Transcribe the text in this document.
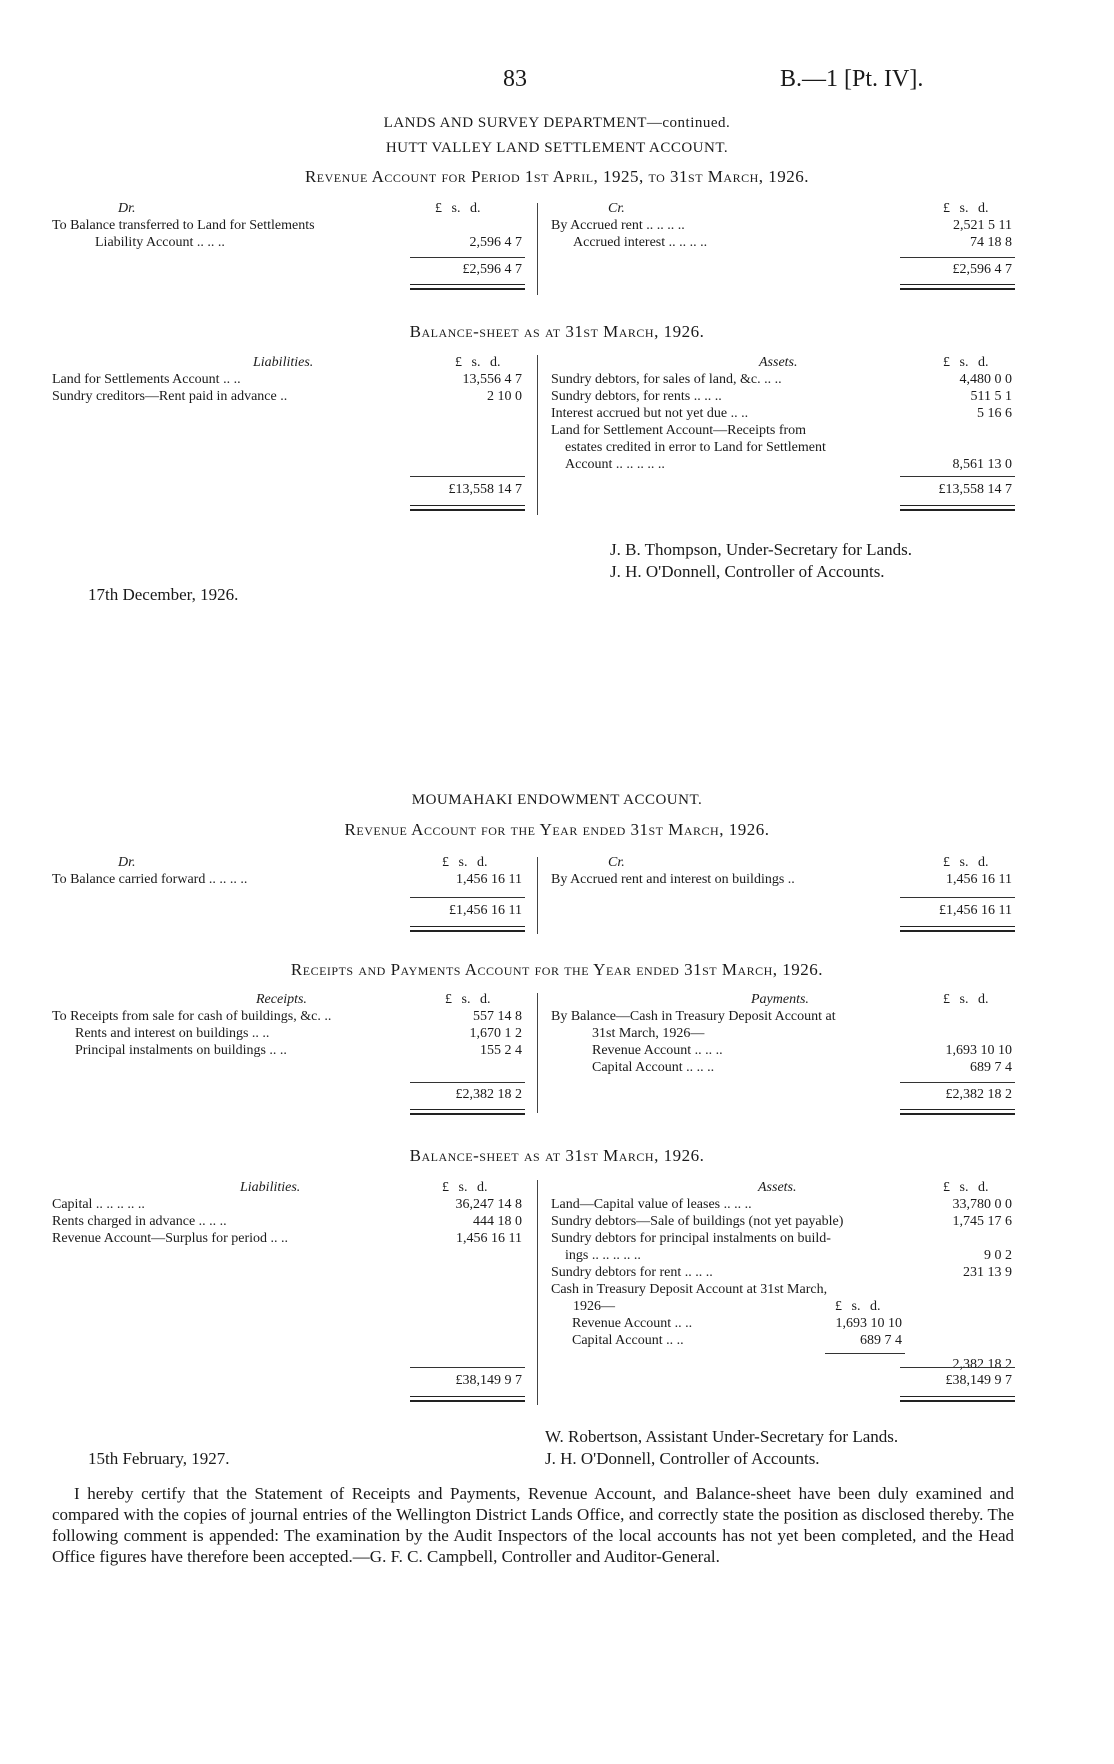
83	B.—1 [Pt. IV].
LANDS AND SURVEY DEPARTMENT—continued.
HUTT VALLEY LAND SETTLEMENT ACCOUNT.
Revenue Account for Period 1st April, 1925, to 31st March, 1926.
Dr.	£ s. d.
To Balance transferred to Land for Settlements
Liability Account .. .. ..	2,596 4 7
£2,596 4 7
Cr.	£ s. d.
By Accrued rent .. .. .. ..	2,521 5 11
Accrued interest .. .. .. ..	74 18 8
£2,596 4 7
Balance-sheet as at 31st March, 1926.
Liabilities.	£ s. d.
Land for Settlements Account .. ..	13,556 4 7
Sundry creditors—Rent paid in advance ..	2 10 0
£13,558 14 7
Assets.	£ s. d.
Sundry debtors, for sales of land, &c. .. ..	4,480 0 0
Sundry debtors, for rents .. .. ..	511 5 1
Interest accrued but not yet due .. ..	5 16 6
Land for Settlement Account—Receipts from
estates credited in error to Land for Settlement
Account .. .. .. .. ..	8,561 13 0
£13,558 14 7
J. B. Thompson, Under-Secretary for Lands.
J. H. O'Donnell, Controller of Accounts.
17th December, 1926.
MOUMAHAKI ENDOWMENT ACCOUNT.
Revenue Account for the Year ended 31st March, 1926.
Dr.	£ s. d.
To Balance carried forward .. .. .. ..	1,456 16 11
£1,456 16 11
Cr.	£ s. d.
By Accrued rent and interest on buildings ..	1,456 16 11
£1,456 16 11
Receipts and Payments Account for the Year ended 31st March, 1926.
Receipts.	£ s. d.
To Receipts from sale for cash of buildings, &c. ..	557 14 8
Rents and interest on buildings .. ..	1,670 1 2
Principal instalments on buildings .. ..	155 2 4
£2,382 18 2
Payments.	£ s. d.
By Balance—Cash in Treasury Deposit Account at
31st March, 1926—
Revenue Account .. .. ..	1,693 10 10
Capital Account .. .. ..	689 7 4
£2,382 18 2
Balance-sheet as at 31st March, 1926.
Liabilities.	£ s. d.
Capital .. .. .. .. ..	36,247 14 8
Rents charged in advance .. .. ..	444 18 0
Revenue Account—Surplus for period .. ..	1,456 16 11
£38,149 9 7
Assets.	£ s. d.
Land—Capital value of leases .. .. ..	33,780 0 0
Sundry debtors—Sale of buildings (not yet payable)	1,745 17 6
Sundry debtors for principal instalments on build-
ings .. .. .. .. ..	9 0 2
Sundry debtors for rent .. .. ..	231 13 9
Cash in Treasury Deposit Account at 31st March,
1926—	£ s. d.
Revenue Account .. ..	1,693 10 10
Capital Account .. ..	689 7 4
2,382 18 2
£38,149 9 7
W. Robertson, Assistant Under-Secretary for Lands.
J. H. O'Donnell, Controller of Accounts.
15th February, 1927.
I hereby certify that the Statement of Receipts and Payments, Revenue Account, and Balance-sheet have been duly examined and compared with the copies of journal entries of the Wellington District Lands Office, and correctly state the position as disclosed thereby. The following comment is appended: The examination by the Audit Inspectors of the local accounts has not yet been completed, and the Head Office figures have therefore been accepted.—G. F. C. Campbell, Controller and Auditor-General.
